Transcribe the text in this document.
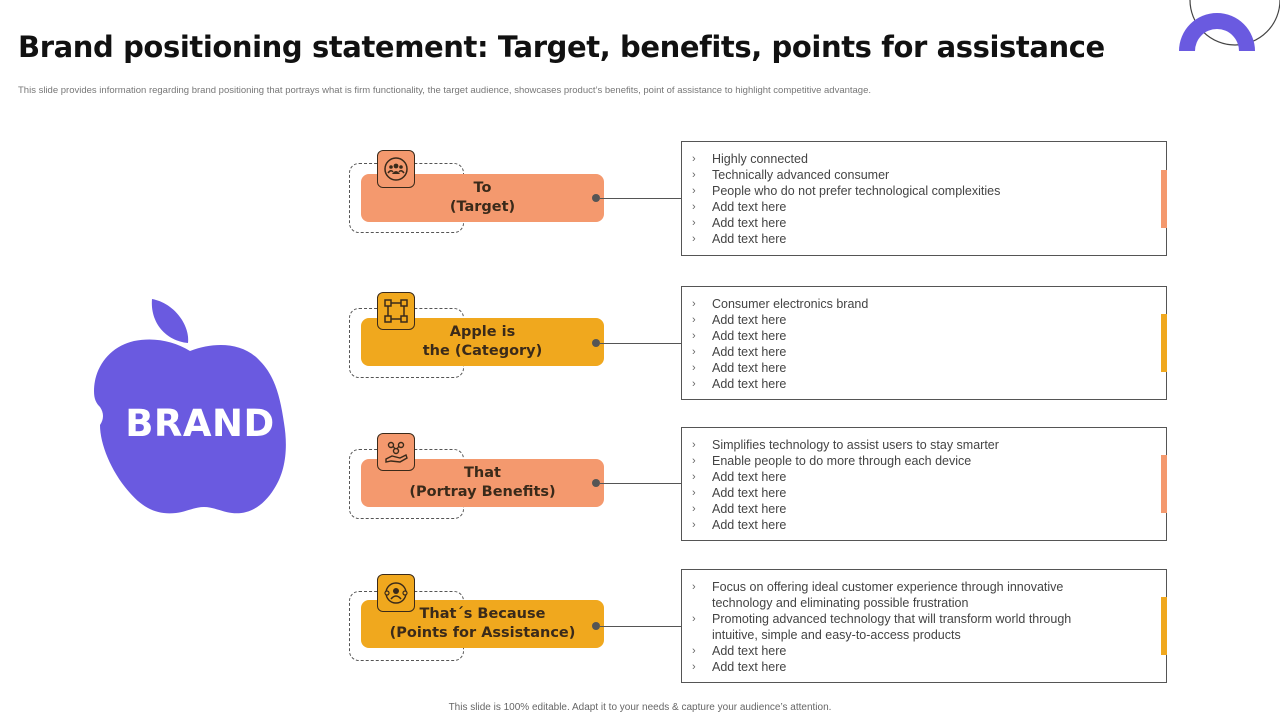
Brand positioning statement: Target, benefits, points for assistance
This slide provides information regarding brand positioning that portrays what is firm functionality, the target audience, showcases product’s benefits, point of assistance to highlight competitive advantage.
BRAND
To
(Target)
› Highly connected
› Technically advanced consumer
› People who do not prefer technological complexities
› Add text here
› Add text here
› Add text here
Apple is
the (Category)
› Consumer electronics brand
› Add text here
› Add text here
› Add text here
› Add text here
› Add text here
That
(Portray Benefits)
› Simplifies technology to assist users to stay smarter
› Enable people to do more through each device
› Add text here
› Add text here
› Add text here
› Add text here
That´s Because
(Points for Assistance)
› Focus on offering ideal customer experience through innovative technology and eliminating possible frustration
› Promoting advanced technology that will transform world through intuitive, simple and easy-to-access products
› Add text here
› Add text here
This slide is 100% editable. Adapt it to your needs & capture your audience’s attention.
